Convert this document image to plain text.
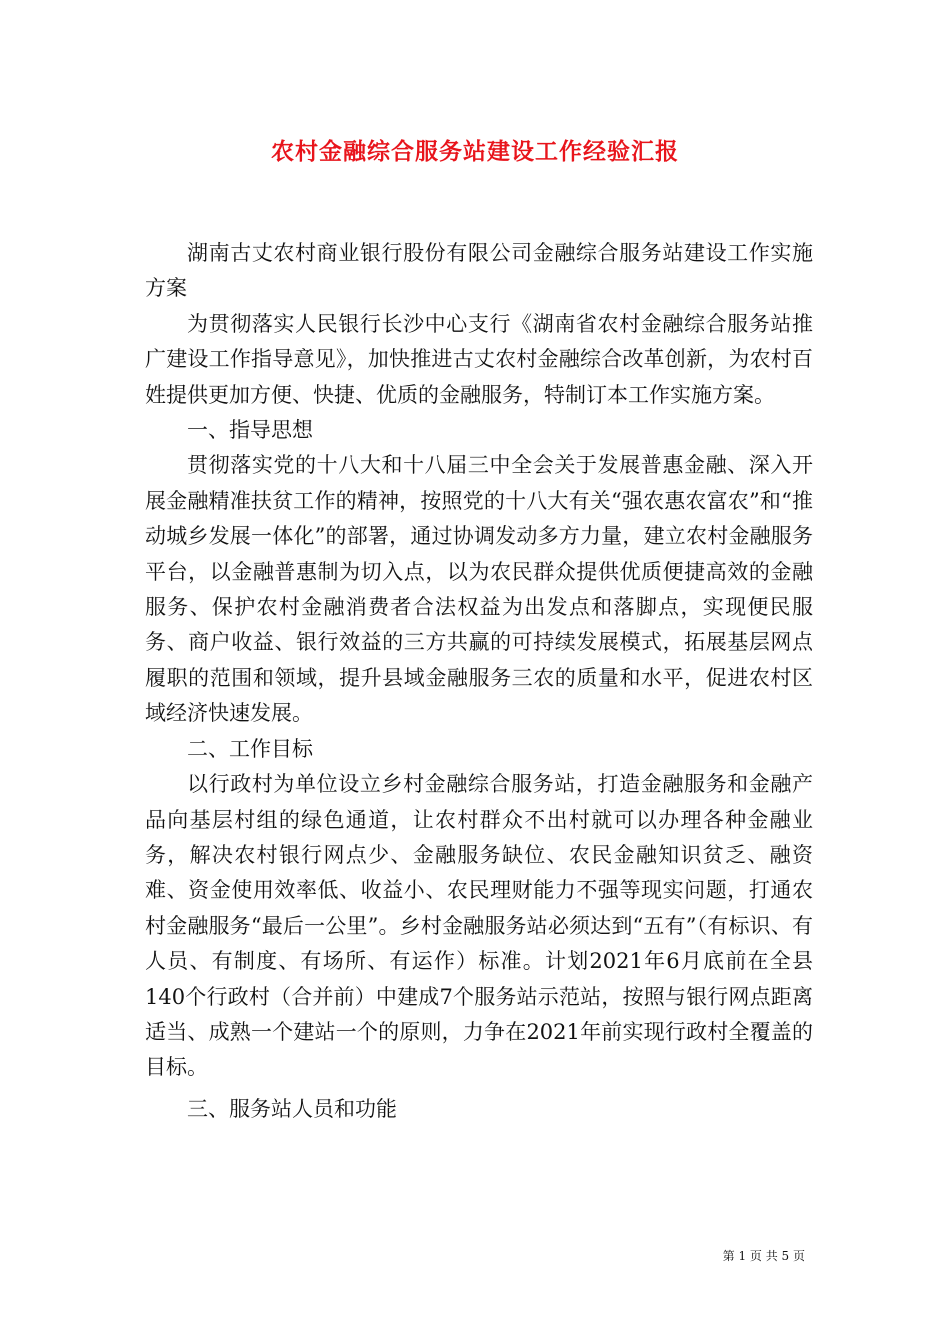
农村金融综合服务站建设工作经验汇报

湖南古丈农村商业银行股份有限公司金融综合服务站建设工作实施方案

为贯彻落实人民银行长沙中心支行《湖南省农村金融综合服务站推广建设工作指导意见》，加快推进古丈农村金融综合改革创新，为农村百姓提供更加方便、快捷、优质的金融服务，特制订本工作实施方案。

一、指导思想

贯彻落实党的十八大和十八届三中全会关于发展普惠金融、深入开展金融精准扶贫工作的精神，按照党的十八大有关“强农惠农富农”和“推动城乡发展一体化”的部署，通过协调发动多方力量，建立农村金融服务平台，以金融普惠制为切入点，以为农民群众提供优质便捷高效的金融服务、保护农村金融消费者合法权益为出发点和落脚点，实现便民服务、商户收益、银行效益的三方共赢的可持续发展模式，拓展基层网点履职的范围和领域，提升县域金融服务三农的质量和水平，促进农村区域经济快速发展。

二、工作目标

以行政村为单位设立乡村金融综合服务站，打造金融服务和金融产品向基层村组的绿色通道，让农村群众不出村就可以办理各种金融业务，解决农村银行网点少、金融服务缺位、农民金融知识贫乏、融资难、资金使用效率低、收益小、农民理财能力不强等现实问题，打通农村金融服务“最后一公里”。乡村金融服务站必须达到“五有”（有标识、有人员、有制度、有场所、有运作）标准。计划2021年6月底前在全县140个行政村（合并前）中建成7个服务站示范站，按照与银行网点距离适当、成熟一个建站一个的原则，力争在2021年前实现行政村全覆盖的目标。

三、服务站人员和功能

第 1 页 共 5 页
